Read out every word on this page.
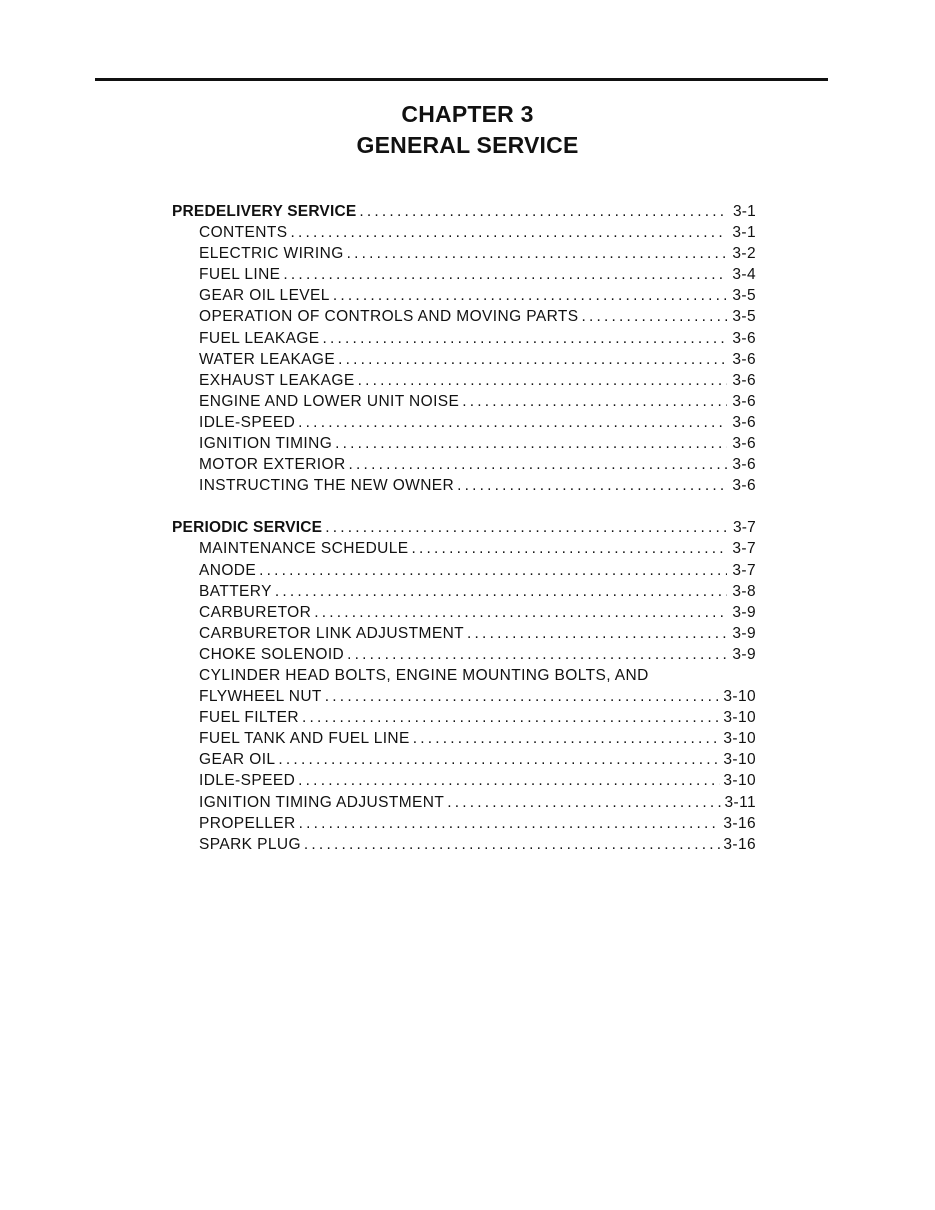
CHAPTER 3
GENERAL SERVICE
PREDELIVERY SERVICE .....	3-1
CONTENTS .....	3-1
ELECTRIC WIRING .....	3-2
FUEL LINE .....	3-4
GEAR OIL LEVEL .....	3-5
OPERATION OF CONTROLS AND MOVING PARTS .....	3-5
FUEL LEAKAGE .....	3-6
WATER LEAKAGE .....	3-6
EXHAUST LEAKAGE .....	3-6
ENGINE AND LOWER UNIT NOISE .....	3-6
IDLE-SPEED .....	3-6
IGNITION TIMING .....	3-6
MOTOR EXTERIOR .....	3-6
INSTRUCTING THE NEW OWNER .....	3-6
PERIODIC SERVICE .....	3-7
MAINTENANCE SCHEDULE .....	3-7
ANODE .....	3-7
BATTERY .....	3-8
CARBURETOR .....	3-9
CARBURETOR LINK ADJUSTMENT .....	3-9
CHOKE SOLENOID .....	3-9
CYLINDER HEAD BOLTS, ENGINE MOUNTING BOLTS, AND
FLYWHEEL NUT .....	3-10
FUEL FILTER .....	3-10
FUEL TANK AND FUEL LINE .....	3-10
GEAR OIL .....	3-10
IDLE-SPEED .....	3-10
IGNITION TIMING ADJUSTMENT .....	3-11
PROPELLER .....	3-16
SPARK PLUG .....	3-16
